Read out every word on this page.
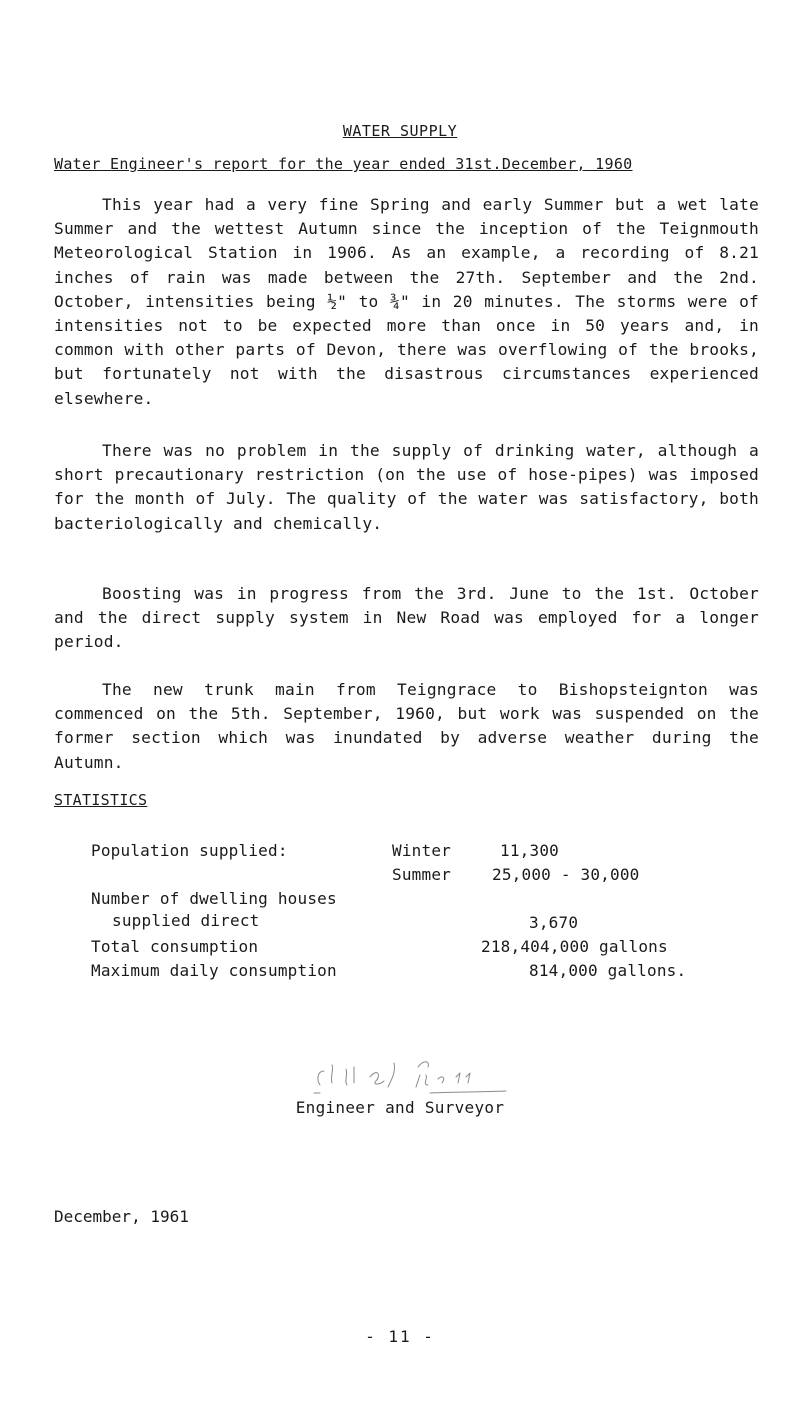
WATER SUPPLY
Water Engineer's report for the year ended 31st.December, 1960

This year had a very fine Spring and early Summer but a wet late Summer and the wettest Autumn since the inception of the Teignmouth Meteorological Station in 1906. As an example, a recording of 8.21 inches of rain was made between the 27th. September and the 2nd. October, intensities being ½" to ¾" in 20 minutes. The storms were of intensities not to be expected more than once in 50 years and, in common with other parts of Devon, there was overflowing of the brooks, but fortunately not with the disastrous circumstances experienced elsewhere.

There was no problem in the supply of drinking water, although a short precautionary restriction (on the use of hose-pipes) was imposed for the month of July. The quality of the water was satisfactory, both bacteriologically and chemically.

Boosting was in progress from the 3rd. June to the 1st. October and the direct supply system in New Road was employed for a longer period.

The new trunk main from Teigngrace to Bishopsteignton was commenced on the 5th. September, 1960, but work was suspended on the former section which was inundated by adverse weather during the Autumn.

STATISTICS
Population supplied:	Winter	11,300
Summer	25,000 - 30,000
Number of dwelling houses
supplied direct	3,670
Total consumption	218,404,000 gallons
Maximum daily consumption	814,000 gallons.
Engineer and Surveyor
December, 1961
- 11 -
